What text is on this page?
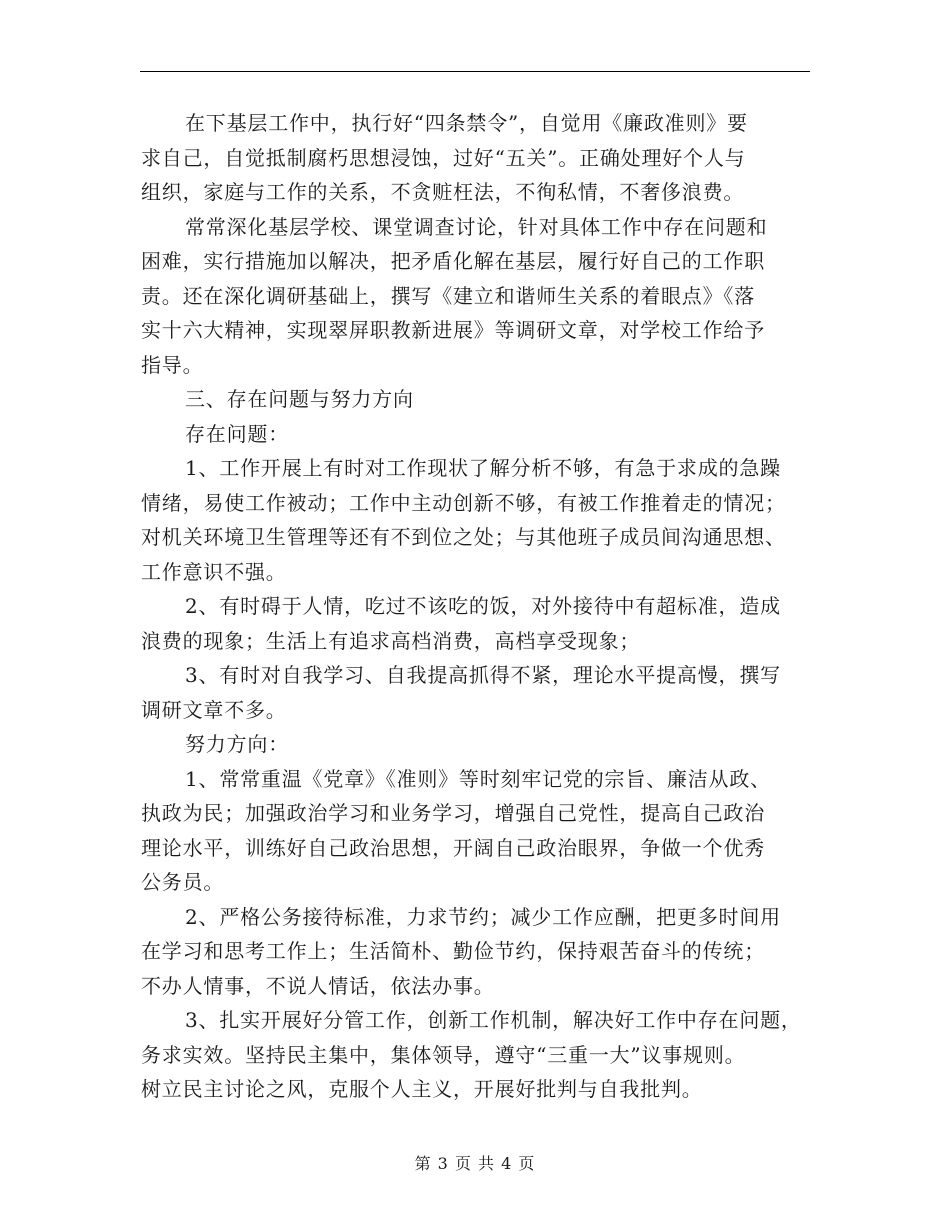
在下基层工作中，执行好“四条禁令”，自觉用《廉政准则》要
求自己，自觉抵制腐朽思想浸蚀，过好“五关”。正确处理好个人与
组织，家庭与工作的关系，不贪赃枉法，不徇私情，不奢侈浪费。
常常深化基层学校、课堂调查讨论，针对具体工作中存在问题和
困难，实行措施加以解决，把矛盾化解在基层，履行好自己的工作职
责。还在深化调研基础上，撰写《建立和谐师生关系的着眼点》《落
实十六大精神，实现翠屏职教新进展》等调研文章，对学校工作给予
指导。
三、存在问题与努力方向
存在问题：
1、工作开展上有时对工作现状了解分析不够，有急于求成的急躁
情绪，易使工作被动；工作中主动创新不够，有被工作推着走的情况；
对机关环境卫生管理等还有不到位之处；与其他班子成员间沟通思想、
工作意识不强。
2、有时碍于人情，吃过不该吃的饭，对外接待中有超标准，造成
浪费的现象；生活上有追求高档消费，高档享受现象；
3、有时对自我学习、自我提高抓得不紧，理论水平提高慢，撰写
调研文章不多。
努力方向：
1、常常重温《党章》《准则》等时刻牢记党的宗旨、廉洁从政、
执政为民；加强政治学习和业务学习，增强自己党性，提高自己政治
理论水平，训练好自己政治思想，开阔自己政治眼界，争做一个优秀
公务员。
2、严格公务接待标准，力求节约；减少工作应酬，把更多时间用
在学习和思考工作上；生活简朴、勤俭节约，保持艰苦奋斗的传统；
不办人情事，不说人情话，依法办事。
3、扎实开展好分管工作，创新工作机制，解决好工作中存在问题，
务求实效。坚持民主集中，集体领导，遵守“三重一大”议事规则。
树立民主讨论之风，克服个人主义，开展好批判与自我批判。
第 3 页 共 4 页
